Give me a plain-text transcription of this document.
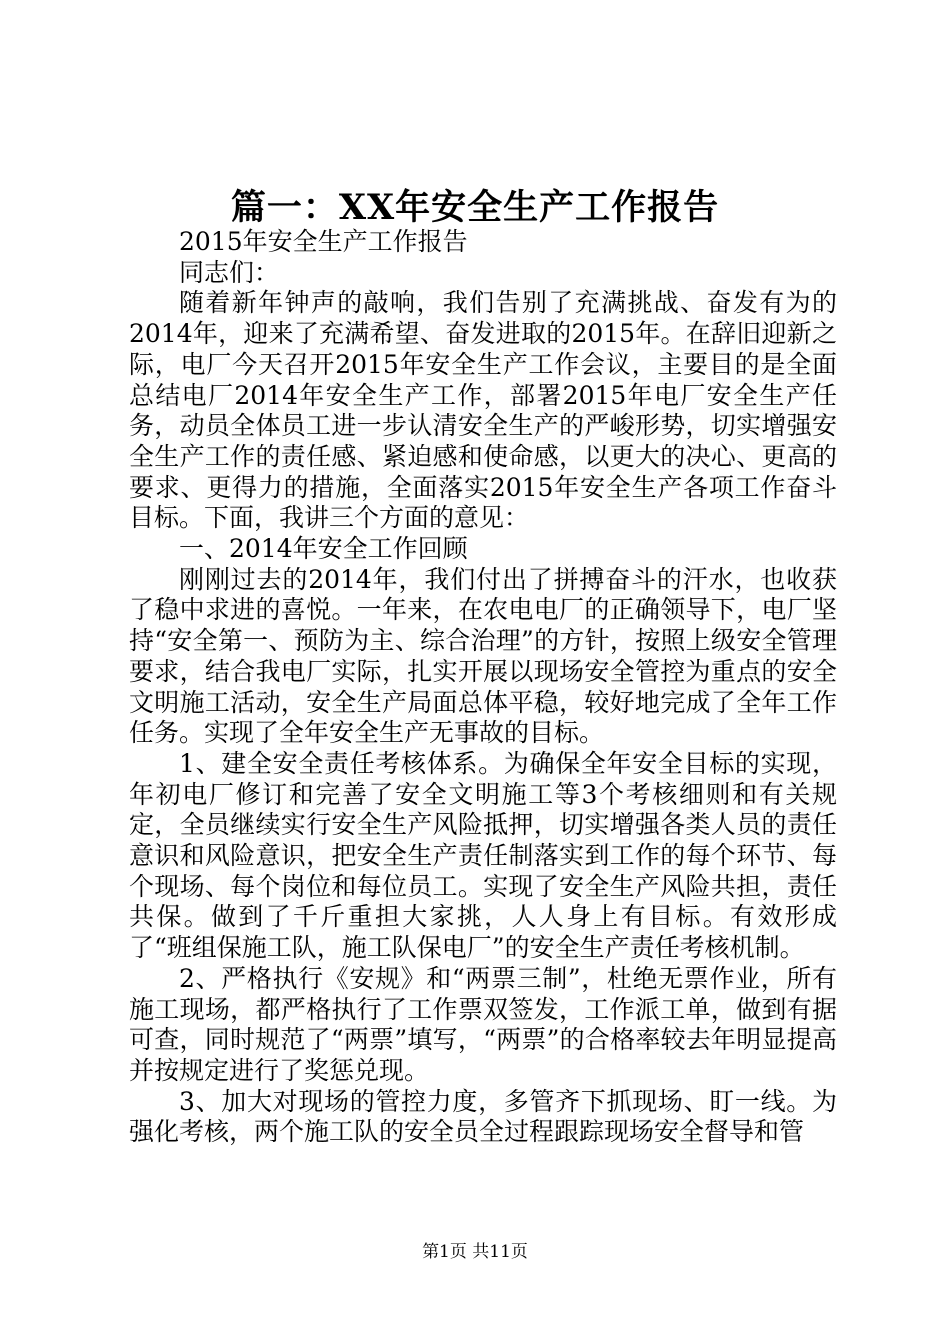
篇一：XX年安全生产工作报告

2015年安全生产工作报告

同志们：

随着新年钟声的敲响，我们告别了充满挑战、奋发有为的2014年，迎来了充满希望、奋发进取的2015年。在辞旧迎新之际，电厂今天召开2015年安全生产工作会议，主要目的是全面总结电厂2014年安全生产工作，部署2015年电厂安全生产任务，动员全体员工进一步认清安全生产的严峻形势，切实增强安全生产工作的责任感、紧迫感和使命感，以更大的决心、更高的要求、更得力的措施，全面落实2015年安全生产各项工作奋斗目标。下面，我讲三个方面的意见：

一、2014年安全工作回顾

刚刚过去的2014年，我们付出了拼搏奋斗的汗水，也收获了稳中求进的喜悦。一年来，在农电电厂的正确领导下，电厂坚持“安全第一、预防为主、综合治理”的方针，按照上级安全管理要求，结合我电厂实际，扎实开展以现场安全管控为重点的安全文明施工活动，安全生产局面总体平稳，较好地完成了全年工作任务。实现了全年安全生产无事故的目标。

1、建全安全责任考核体系。为确保全年安全目标的实现，年初电厂修订和完善了安全文明施工等3个考核细则和有关规定，全员继续实行安全生产风险抵押，切实增强各类人员的责任意识和风险意识，把安全生产责任制落实到工作的每个环节、每个现场、每个岗位和每位员工。实现了安全生产风险共担，责任共保。做到了千斤重担大家挑，人人身上有目标。有效形成了“班组保施工队，施工队保电厂”的安全生产责任考核机制。

2、严格执行《安规》和“两票三制”，杜绝无票作业，所有施工现场，都严格执行了工作票双签发，工作派工单，做到有据可查，同时规范了“两票”填写，“两票”的合格率较去年明显提高并按规定进行了奖惩兑现。

3、加大对现场的管控力度，多管齐下抓现场、盯一线。为强化考核，两个施工队的安全员全过程跟踪现场安全督导和管

第1页 共11页
